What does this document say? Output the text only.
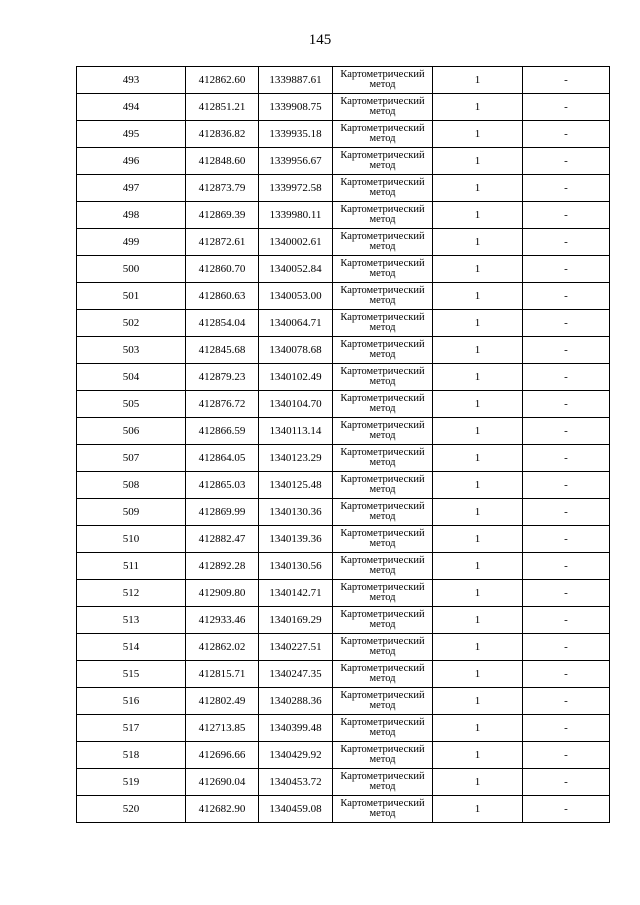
145
493	412862.60	1339887.61	Картометрический метод	1	-
494	412851.21	1339908.75	Картометрический метод	1	-
495	412836.82	1339935.18	Картометрический метод	1	-
496	412848.60	1339956.67	Картометрический метод	1	-
497	412873.79	1339972.58	Картометрический метод	1	-
498	412869.39	1339980.11	Картометрический метод	1	-
499	412872.61	1340002.61	Картометрический метод	1	-
500	412860.70	1340052.84	Картометрический метод	1	-
501	412860.63	1340053.00	Картометрический метод	1	-
502	412854.04	1340064.71	Картометрический метод	1	-
503	412845.68	1340078.68	Картометрический метод	1	-
504	412879.23	1340102.49	Картометрический метод	1	-
505	412876.72	1340104.70	Картометрический метод	1	-
506	412866.59	1340113.14	Картометрический метод	1	-
507	412864.05	1340123.29	Картометрический метод	1	-
508	412865.03	1340125.48	Картометрический метод	1	-
509	412869.99	1340130.36	Картометрический метод	1	-
510	412882.47	1340139.36	Картометрический метод	1	-
511	412892.28	1340130.56	Картометрический метод	1	-
512	412909.80	1340142.71	Картометрический метод	1	-
513	412933.46	1340169.29	Картометрический метод	1	-
514	412862.02	1340227.51	Картометрический метод	1	-
515	412815.71	1340247.35	Картометрический метод	1	-
516	412802.49	1340288.36	Картометрический метод	1	-
517	412713.85	1340399.48	Картометрический метод	1	-
518	412696.66	1340429.92	Картометрический метод	1	-
519	412690.04	1340453.72	Картометрический метод	1	-
520	412682.90	1340459.08	Картометрический метод	1	-
